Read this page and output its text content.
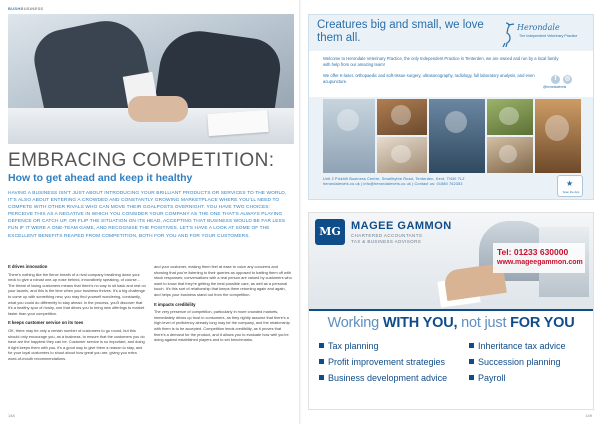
BUSHBUSINESS
EMBRACING COMPETITION:
How to get ahead and keep it healthy

HAVING A BUSINESS ISN'T JUST ABOUT INTRODUCING YOUR BRILLIANT PRODUCTS OR SERVICES TO THE WORLD, IT'S ALSO ABOUT ENTERING A CROWDED AND CONSTANTLY GROWING MARKETPLACE WHERE YOU'LL NEED TO COMPETE WITH OTHER RIVALS WHO CAN MOVE THEIR GOALPOSTS OVERNIGHT. YOU HAVE TWO CHOICES: PERCEIVE THIS AS A NEGATIVE IN WHICH YOU CONSIDER YOUR COMPANY AS THE ONE THAT'S ALWAYS PLAYING DEFENCE OR CATCH UP, OR FLIP THE SITUATION ON ITS HEAD, ACCEPTING THAT BUSINESS WOULD BE FAR LESS FUN IF IT WERE A ONE-TEAM GAME, AND RECOGNISE THE POSITIVES. LET'S HAVE A LOOK AT SOME OF THE EXCELLENT BENEFITS REAPED FROM COMPETITION, BOTH FOR YOU AND FOR YOUR CUSTOMERS.

It drives innovation

There's nothing like the fierce breath of a rival company breathing down your neck to give a robust one-up nose behind, innovatively speaking, of course… The threat of losing customers means that there's no way to sit back and rest on your laurels, and this is the time when your business thrives. It's a big challenge to come up with something new, you may find yourself wondering, constantly, what you could do differently to stay ahead. In the process, you'll discover that it's a healthy spur of rivalry, one that drives you to bring new offerings to market faster than your competition.

It keeps customer service on its toes

OK, there may be only a certain number of customers to go round, but this should only encourage you, as a business, to ensure that the customers you do have are the happiest they can be. Customer service is so important, and doing it right keeps them with you, it's a good way to give them a reason to stay, and for your loyal customers to shout about how great you are, giving you extra word-of-mouth recommendations.

and your customer, making them feel at ease to voice any concerns and showing that you're listening to their queries as opposed to batting them off with stock responses; conversations with a real person are valued by customers who want to know that they're getting the best possible care, as well as a personal touch. It's this sort of relationship that keeps them returning again and again, and helps your business stand out from the competition.

It impacts credibility

The very presence of competition, particularly in more crowded markets, immediately drives up trust in consumers, as they rightly assume that there's a high level of proficiency already long may be the company, and the relationship with them is to be accepted. Competition lends credibility, as it proves that there's a demand for the product, and it allows you to evaluate how well you're doing against established players and to set benchmarks.

148
Creatures big and small, we love them all.
Herondale
The Independent Veterinary Practice

Welcome to Herondale Veterinary Practice, the only Independent Practice in Tenterden, we are owned and run by a local family with help from our amazing team!

We offer K-laser, orthopaedic and soft-tissue surgery, ultrasonography, radiology, full laboratory analysis, and even acupuncture.	f	◎
@herondalevets
Unit 2 Pickhill Business Centre, Smallhythe Road, Tenterden, Kent, TN30 7LZ
herondalevets.co.uk | info@herondalevets.co.uk | Contact us: 01580 762353	★
Scan the App
MG MAGEE GAMMON
CHARTERED ACCOUNTANTS
TAX & BUSINESS ADVISORS
Tel: 01233 630000
www.mageegammon.com
Working WITH YOU, not just FOR YOU
Tax planning	Inheritance tax advice
Profit improvement strategies	Succession planning
Business development advice	Payroll
149
